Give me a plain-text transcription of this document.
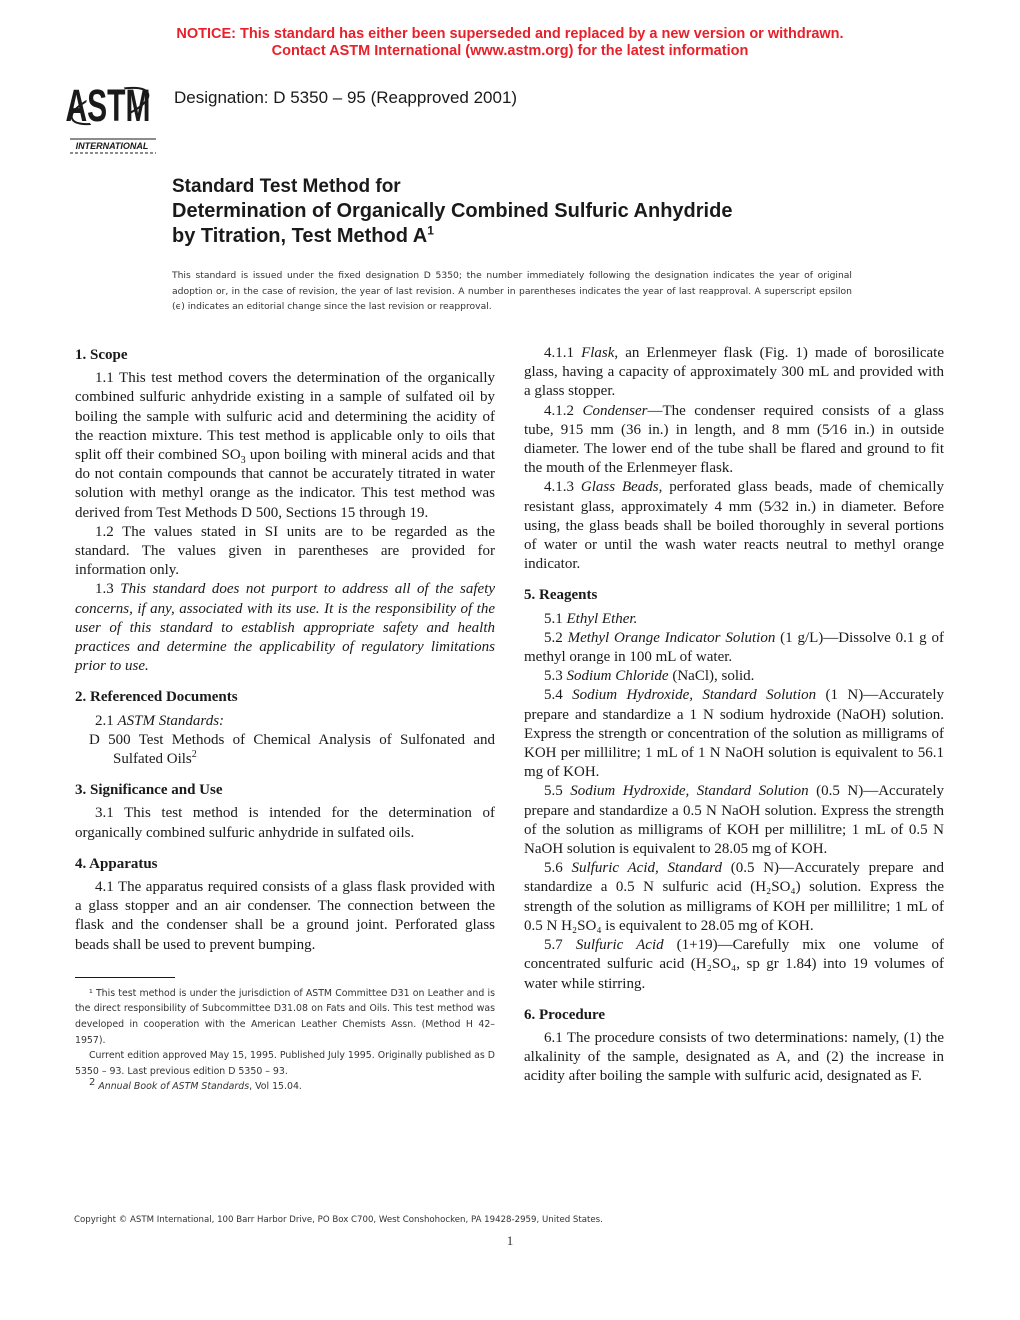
NOTICE: This standard has either been superseded and replaced by a new version or withdrawn.
Contact ASTM International (www.astm.org) for the latest information
ASTM
INTERNATIONAL
Designation: D 5350 – 95 (Reapproved 2001)
Standard Test Method for
Determination of Organically Combined Sulfuric Anhydride
by Titration, Test Method $A^1$
This standard is issued under the fixed designation D 5350; the number immediately following the designation indicates the year of original adoption or, in the case of revision, the year of last revision. A number in parentheses indicates the year of last reapproval. A superscript epsilon (ϵ) indicates an editorial change since the last revision or reapproval.
1. Scope

1.1 This test method covers the determination of the organically combined sulfuric anhydride existing in a sample of sulfated oil by boiling the sample with sulfuric acid and determining the acidity of the reaction mixture. This test method is applicable only to oils that split off their combined $SO_3$ upon boiling with mineral acids and that do not contain compounds that cannot be accurately titrated in water solution with methyl orange as the indicator. This test method was derived from Test Methods D 500, Sections 15 through 19.

1.2 The values stated in SI units are to be regarded as the standard. The values given in parentheses are provided for information only.

1.3 This standard does not purport to address all of the safety concerns, if any, associated with its use. It is the responsibility of the user of this standard to establish appropriate safety and health practices and determine the applicability of regulatory limitations prior to use.

2. Referenced Documents

2.1 ASTM Standards:

D 500 Test Methods of Chemical Analysis of Sulfonated and Sulfated Oils$^2$

3. Significance and Use

3.1 This test method is intended for the determination of organically combined sulfuric anhydride in sulfated oils.

4. Apparatus

4.1 The apparatus required consists of a glass flask provided with a glass stopper and an air condenser. The connection between the flask and the condenser shall be a ground joint. Perforated glass beads shall be used to prevent bumping.

¹ This test method is under the jurisdiction of ASTM Committee D31 on Leather and is the direct responsibility of Subcommittee D31.08 on Fats and Oils. This test method was developed in cooperation with the American Leather Chemists Assn. (Method H 42–1957).

Current edition approved May 15, 1995. Published July 1995. Originally published as D 5350 – 93. Last previous edition D 5350 – 93.

$^2$ Annual Book of ASTM Standards, Vol 15.04.

4.1.1 Flask, an Erlenmeyer flask (Fig. 1) made of borosilicate glass, having a capacity of approximately 300 mL and provided with a glass stopper.

4.1.2 Condenser—The condenser required consists of a glass tube, 915 mm (36 in.) in length, and 8 mm (5⁄16 in.) in outside diameter. The lower end of the tube shall be flared and ground to fit the mouth of the Erlenmeyer flask.

4.1.3 Glass Beads, perforated glass beads, made of chemically resistant glass, approximately 4 mm (5⁄32 in.) in diameter. Before using, the glass beads shall be boiled thoroughly in several portions of water or until the wash water reacts neutral to methyl orange indicator.

5. Reagents

5.1 Ethyl Ether.

5.2 Methyl Orange Indicator Solution (1 g/L)—Dissolve 0.1 g of methyl orange in 100 mL of water.

5.3 Sodium Chloride (NaCl), solid.

5.4 Sodium Hydroxide, Standard Solution (1 N)—Accurately prepare and standardize a 1 N sodium hydroxide (NaOH) solution. Express the strength or concentration of the solution as milligrams of KOH per millilitre; 1 mL of 1 N NaOH solution is equivalent to 56.1 mg of KOH.

5.5 Sodium Hydroxide, Standard Solution (0.5 N)—Accurately prepare and standardize a 0.5 N NaOH solution. Express the strength of the solution as milligrams of KOH per millilitre; 1 mL of 0.5 N NaOH solution is equivalent to 28.05 mg of KOH.

5.6 Sulfuric Acid, Standard (0.5 N)—Accurately prepare and standardize a 0.5 N sulfuric acid (H₂SO₄) solution. Express the strength of the solution as milligrams of KOH per millilitre; 1 mL of 0.5 N H₂SO₄ is equivalent to 28.05 mg of KOH.

5.7 Sulfuric Acid (1+19)—Carefully mix one volume of concentrated sulfuric acid (H₂SO₄, sp gr 1.84) into 19 volumes of water while stirring.

6. Procedure

6.1 The procedure consists of two determinations: namely, (1) the alkalinity of the sample, designated as A, and (2) the increase in acidity after boiling the sample with sulfuric acid, designated as F.

Copyright © ASTM International, 100 Barr Harbor Drive, PO Box C700, West Conshohocken, PA 19428-2959, United States.
1
